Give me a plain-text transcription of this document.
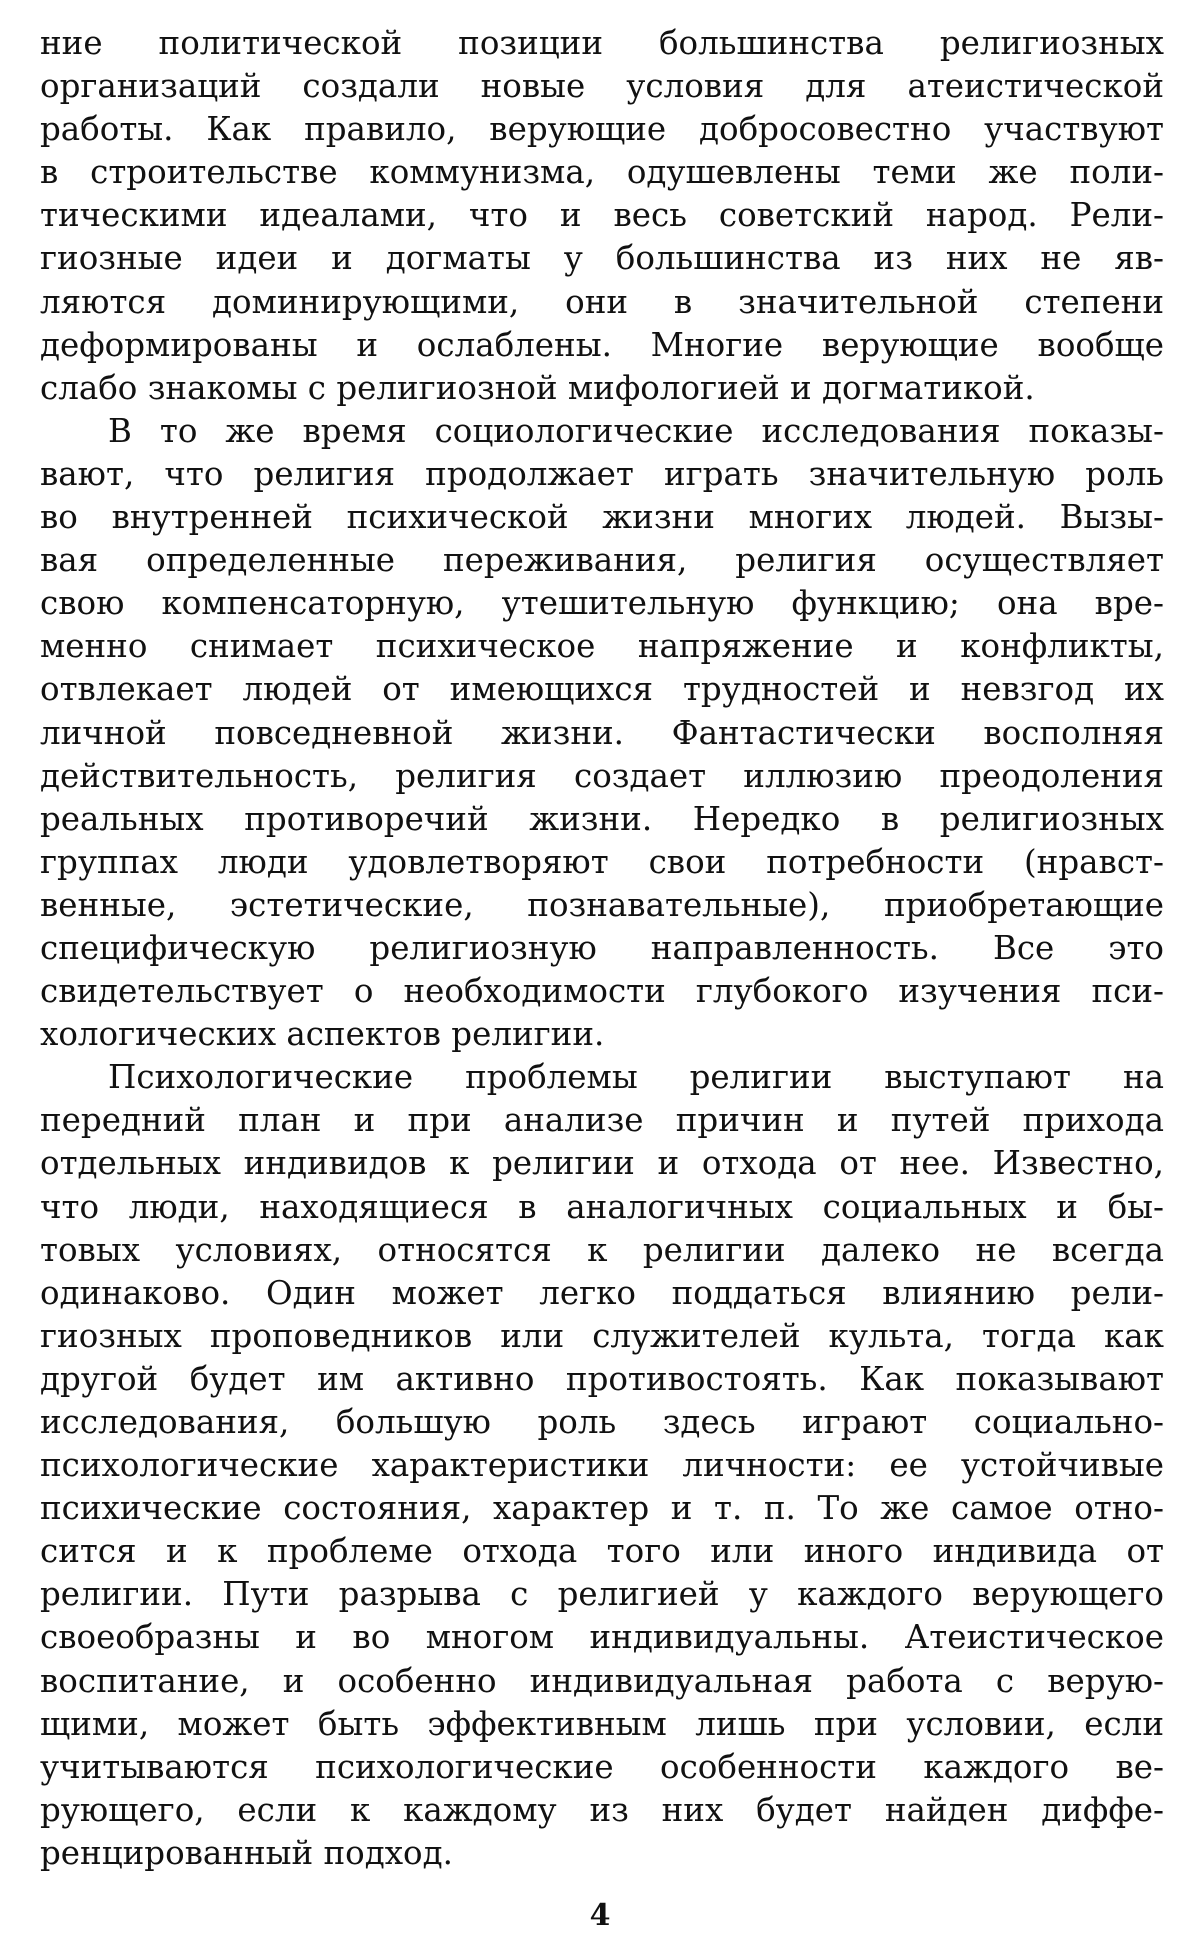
ние политической позиции большинства религиозных
организаций создали новые условия для атеистической
работы. Как правило, верующие добросовестно участвуют
в строительстве коммунизма, одушевлены теми же поли-
тическими идеалами, что и весь советский народ. Рели-
гиозные идеи и догматы у большинства из них не яв-
ляются доминирующими, они в значительной степени
деформированы и ослаблены. Многие верующие вообще
слабо знакомы с религиозной мифологией и догматикой.
В то же время социологические исследования показы-
вают, что религия продолжает играть значительную роль
во внутренней психической жизни многих людей. Вызы-
вая определенные переживания, религия осуществляет
свою компенсаторную, утешительную функцию; она вре-
менно снимает психическое напряжение и конфликты,
отвлекает людей от имеющихся трудностей и невзгод их
личной повседневной жизни. Фантастически восполняя
действительность, религия создает иллюзию преодоления
реальных противоречий жизни. Нередко в религиозных
группах люди удовлетворяют свои потребности (нравст-
венные, эстетические, познавательные), приобретающие
специфическую религиозную направленность. Все это
свидетельствует о необходимости глубокого изучения пси-
хологических аспектов религии.
Психологические проблемы религии выступают на
передний план и при анализе причин и путей прихода
отдельных индивидов к религии и отхода от нее. Известно,
что люди, находящиеся в аналогичных социальных и бы-
товых условиях, относятся к религии далеко не всегда
одинаково. Один может легко поддаться влиянию рели-
гиозных проповедников или служителей культа, тогда как
другой будет им активно противостоять. Как показывают
исследования, большую роль здесь играют социально-
психологические характеристики личности: ее устойчивые
психические состояния, характер и т. п. То же самое отно-
сится и к проблеме отхода того или иного индивида от
религии. Пути разрыва с религией у каждого верующего
своеобразны и во многом индивидуальны. Атеистическое
воспитание, и особенно индивидуальная работа с верую-
щими, может быть эффективным лишь при условии, если
учитываются психологические особенности каждого ве-
рующего, если к каждому из них будет найден диффе-
ренцированный подход.
4
